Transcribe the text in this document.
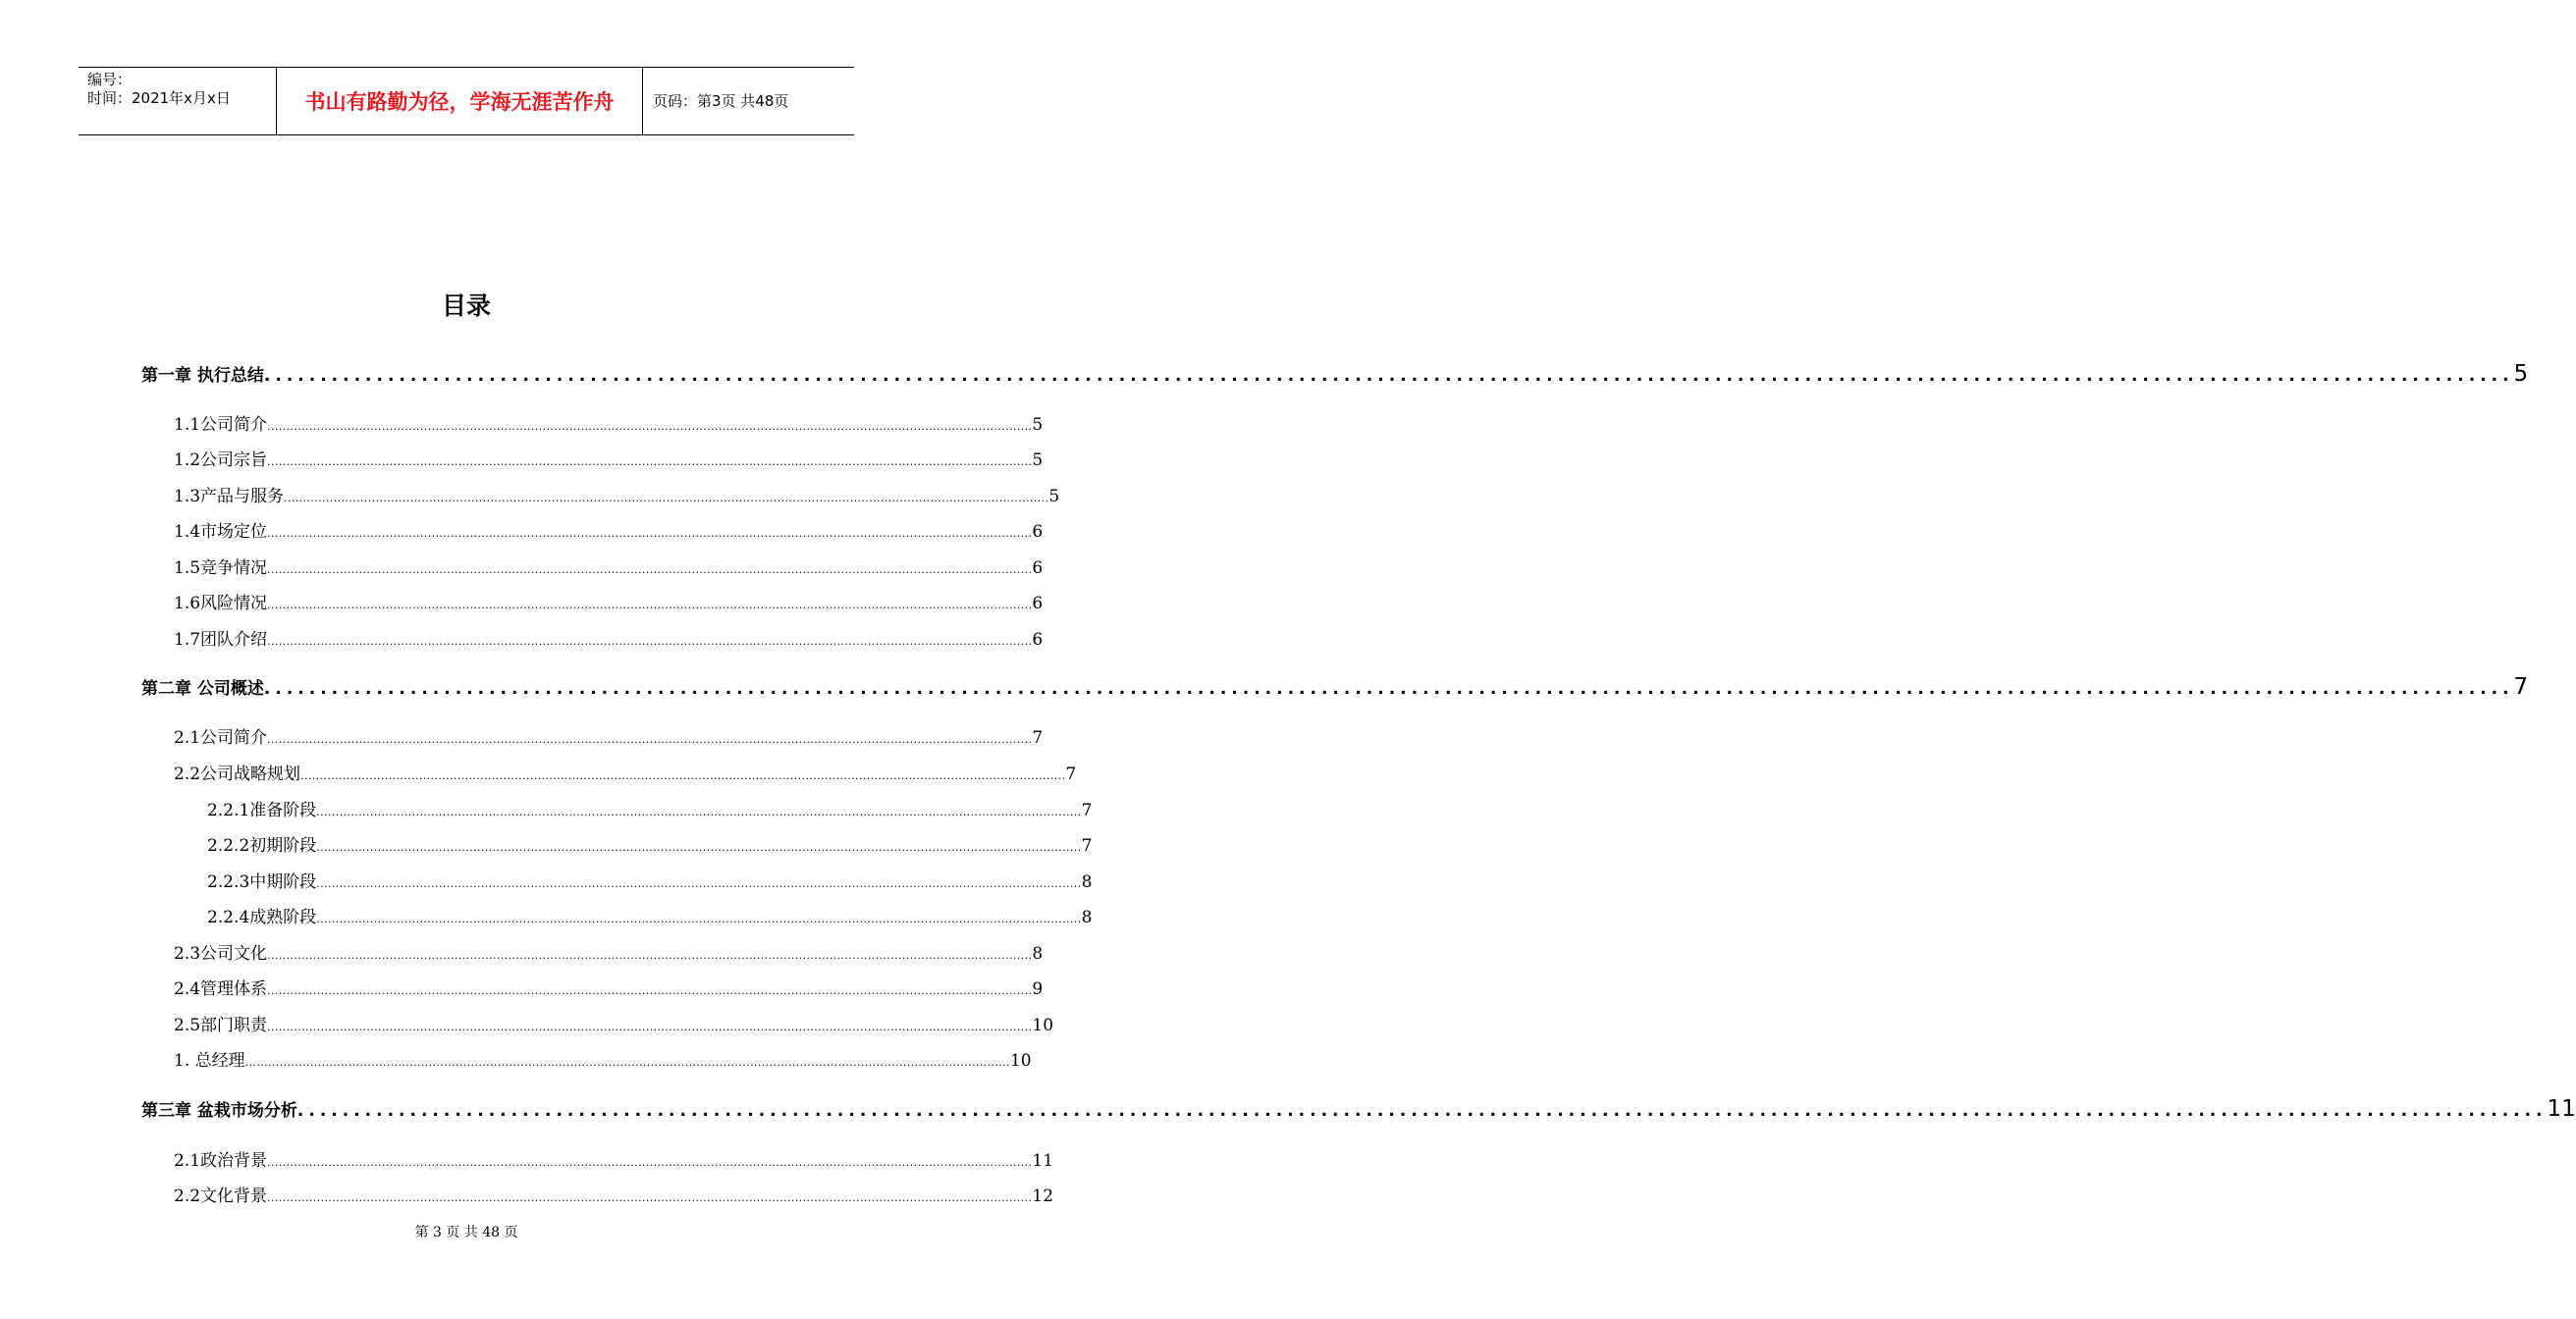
编号：
时间：2021年x月x日	书山有路勤为径，学海无涯苦作舟	页码：第3页 共48页
目录
第一章 执行总结 ........................................................................................................................................................................................................ 5
1.1公司简介 ........................................................................................................................................................................................................ 5
1.2公司宗旨 ........................................................................................................................................................................................................ 5
1.3产品与服务 ........................................................................................................................................................................................................ 5
1.4市场定位 ........................................................................................................................................................................................................ 6
1.5竞争情况 ........................................................................................................................................................................................................ 6
1.6风险情况 ........................................................................................................................................................................................................ 6
1.7团队介绍 ........................................................................................................................................................................................................ 6
第二章 公司概述 ........................................................................................................................................................................................................ 7
2.1公司简介 ........................................................................................................................................................................................................ 7
2.2公司战略规划 ........................................................................................................................................................................................................ 7
2.2.1准备阶段 ........................................................................................................................................................................................................ 7
2.2.2初期阶段 ........................................................................................................................................................................................................ 7
2.2.3中期阶段 ........................................................................................................................................................................................................ 8
2.2.4成熟阶段 ........................................................................................................................................................................................................ 8
2.3公司文化 ........................................................................................................................................................................................................ 8
2.4管理体系 ........................................................................................................................................................................................................ 9
2.5部门职责 ........................................................................................................................................................................................................ 10
1. 总经理 ........................................................................................................................................................................................................ 10
第三章 盆栽市场分析 ........................................................................................................................................................................................................ 11
2.1政治背景 ........................................................................................................................................................................................................ 11
2.2文化背景 ........................................................................................................................................................................................................ 12
第 3 页 共 48 页
